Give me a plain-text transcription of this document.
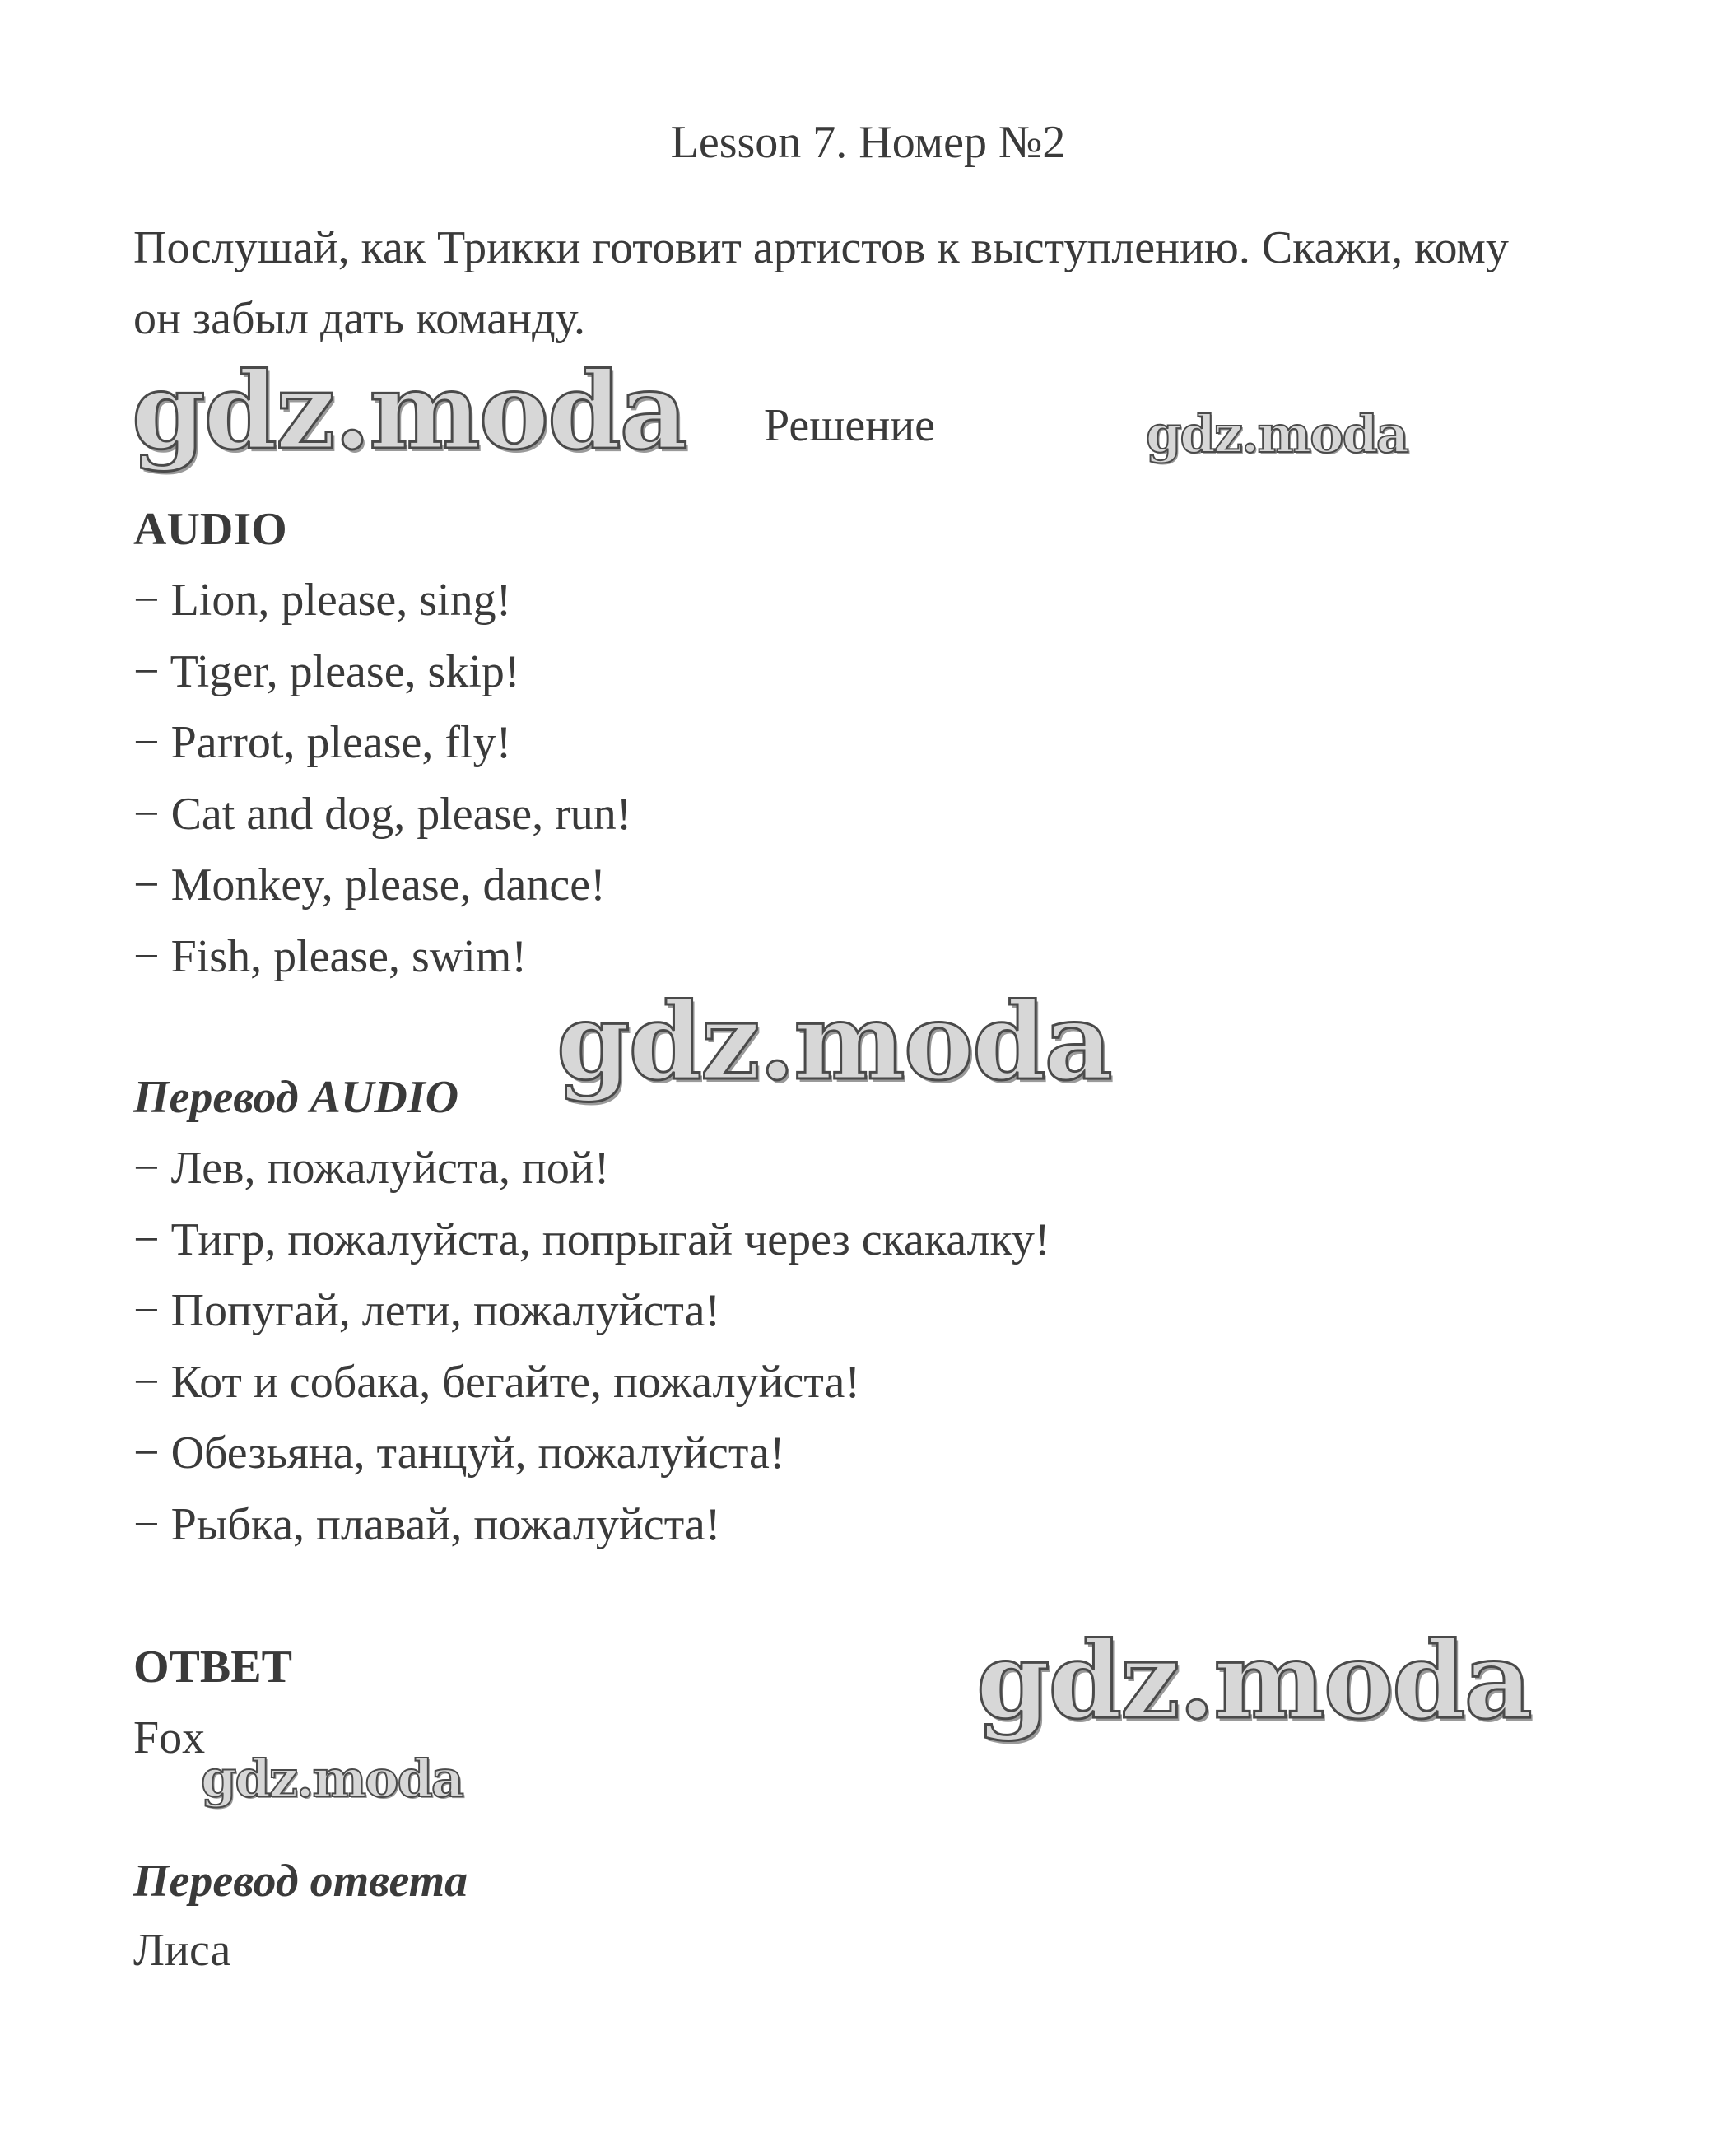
Lesson 7. Номер №2
Послушай, как Трикки готовит артистов к выступлению. Скажи, кому он забыл дать команду.
gdz.moda Решение	gdz.moda
AUDIO
− Lion, please, sing!
− Tiger, please, skip!
− Parrot, please, fly!
− Cat and dog, please, run!
− Monkey, please, dance!
− Fish, please, swim!
gdz.moda
Перевод AUDIO
− Лев, пожалуйста, пой!
− Тигр, пожалуйста, попрыгай через скакалку!
− Попугай, лети, пожалуйста!
− Кот и собака, бегайте, пожалуйста!
− Обезьяна, танцуй, пожалуйста!
− Рыбка, плавай, пожалуйста!
ОТВЕТ	gdz.moda
Fox
gdz.moda
Перевод ответа
Лиса
